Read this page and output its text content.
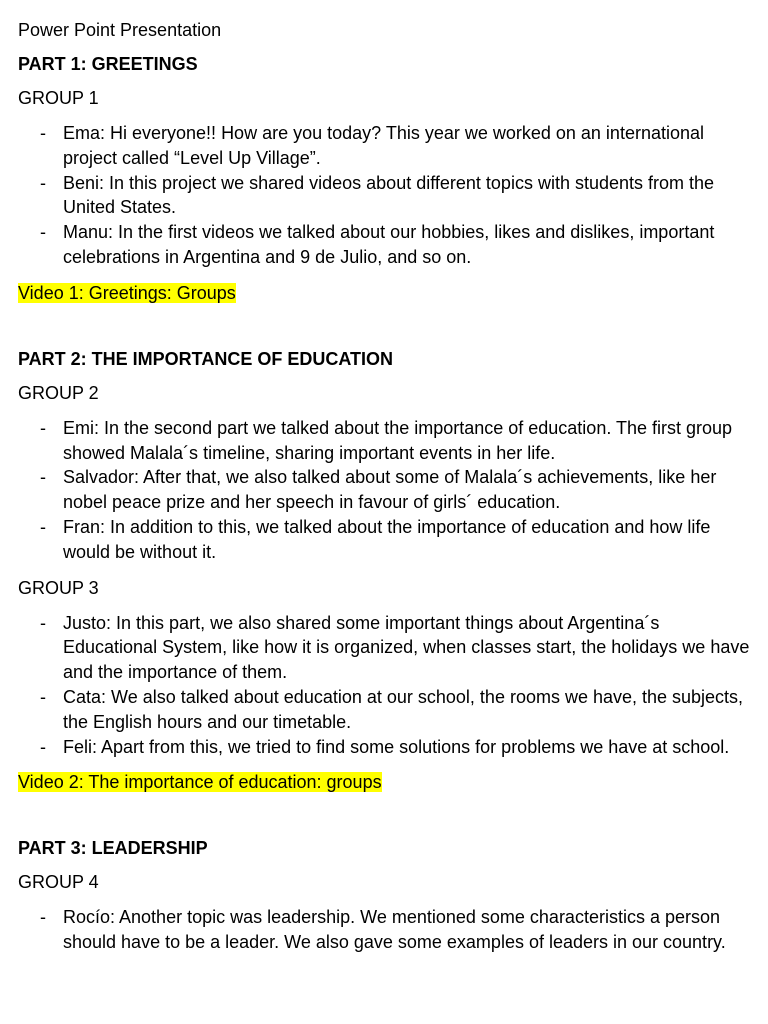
Power Point Presentation

PART 1: GREETINGS

GROUP 1

- Ema: Hi everyone!! How are you today? This year we worked on an international project called “Level Up Village”.
- Beni: In this project we shared videos about different topics with students from the United States.
- Manu: In the first videos we talked about our hobbies, likes and dislikes, important celebrations in Argentina and 9 de Julio, and so on.

Video 1: Greetings: Groups

PART 2: THE IMPORTANCE OF EDUCATION

GROUP 2

- Emi: In the second part we talked about the importance of education. The first group showed Malala´s timeline, sharing important events in her life.
- Salvador: After that, we also talked about some of Malala´s achievements, like her nobel peace prize and her speech in favour of girls´ education.
- Fran: In addition to this, we talked about the importance of education and how life would be without it.

GROUP 3

- Justo: In this part, we also shared some important things about Argentina´s Educational System, like how it is organized, when classes start, the holidays we have and the importance of them.
- Cata: We also talked about education at our school, the rooms we have, the subjects, the English hours and our timetable.
- Feli: Apart from this, we tried to find some solutions for problems we have at school.

Video 2: The importance of education: groups

PART 3: LEADERSHIP

GROUP 4

- Rocío: Another topic was leadership. We mentioned some characteristics a person should have to be a leader. We also gave some examples of leaders in our country.
